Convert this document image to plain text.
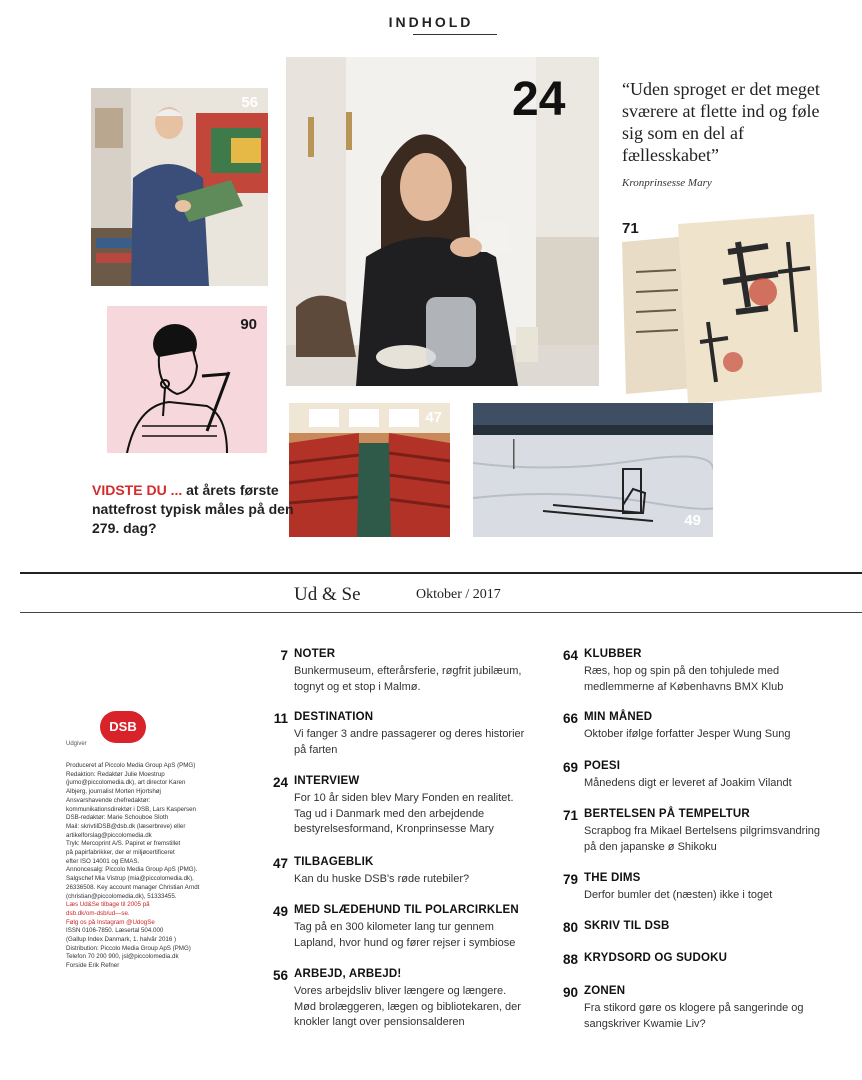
INDHOLD
56	24	“Uden sproget er det meget sværere at flette ind og føle sig som en del af fællesskabet”
Kronprinsesse Mary
71
90
47
49
VIDSTE DU ... at årets første nattefrost typisk måles på den 279. dag?
Ud & Se	Oktober / 2017
DSB
Udgiver
Produceret af Piccolo Media Group ApS (PMG)
Redaktion: Redaktør Julie Moestrup
(jumo@piccolomedia.dk), art director Karen
Albjerg, journalist Morten Hjortshøj
Ansvarshavende chefredaktør:
kommunikationsdirektør i DSB, Lars Kaspersen
DSB-redaktør: Marie Schouboe Sloth
Mail: skrivtilDSB@dsb.dk (læserbreve) eller
artikelforslag@piccolomedia.dk
Tryk: Mercoprint A/S. Papiret er fremstillet
på papirfabrikker, der er miljøcertificeret
efter ISO 14001 og EMAS.
Annoncesalg: Piccolo Media Group ApS (PMG).
Salgschef Mia Vistrup (mia@piccolomedia.dk),
26336508. Key account manager Christian Arndt
(christian@piccolomedia.dk), 51333455.
Læs Ud&Se tilbage til 2005 på
dsb.dk/om-dsb/ud—se.
Følg os på Instagram @UdogSe
ISSN 0106-7850. Læsertal 504.000
(Gallup Index Danmark, 1. halvår 2016 )
Distribution: Piccolo Media Group ApS (PMG)
Telefon 70 200 900, jsl@piccolomedia.dk
Forside Erik Refner
7 NOTER
Bunkermuseum, efterårsferie, røgfrit jubilæum, tognyt og et stop i Malmø.
11 DESTINATION
Vi fanger 3 andre passagerer og deres historier på farten
24 INTERVIEW
For 10 år siden blev Mary Fonden en realitet. Tag ud i Danmark med den arbejdende bestyrelsesformand, Kronprinsesse Mary
47 TILBAGEBLIK
Kan du huske DSB's røde rutebiler?
49 MED SLÆDEHUND TIL POLARCIRKLEN
Tag på en 300 kilometer lang tur gennem Lapland, hvor hund og fører rejser i symbiose
56 ARBEJD, ARBEJD!
Vores arbejdsliv bliver længere og længere. Mød brolæggeren, lægen og bibliotekaren, der knokler langt over pensionsalderen
64 KLUBBER
Ræs, hop og spin på den tohjulede med medlemmerne af Københavns BMX Klub
66 MIN MÅNED
Oktober ifølge forfatter Jesper Wung Sung
69 POESI
Månedens digt er leveret af Joakim Vilandt
71 BERTELSEN PÅ TEMPELTUR
Scrapbog fra Mikael Bertelsens pilgrimsvandring på den japanske ø Shikoku
79 THE DIMS
Derfor bumler det (næsten) ikke i toget
80 SKRIV TIL DSB
88 KRYDSORD OG SUDOKU
90 ZONEN
Fra stikord gøre os klogere på sangerinde og sangskriver Kwamie Liv?
